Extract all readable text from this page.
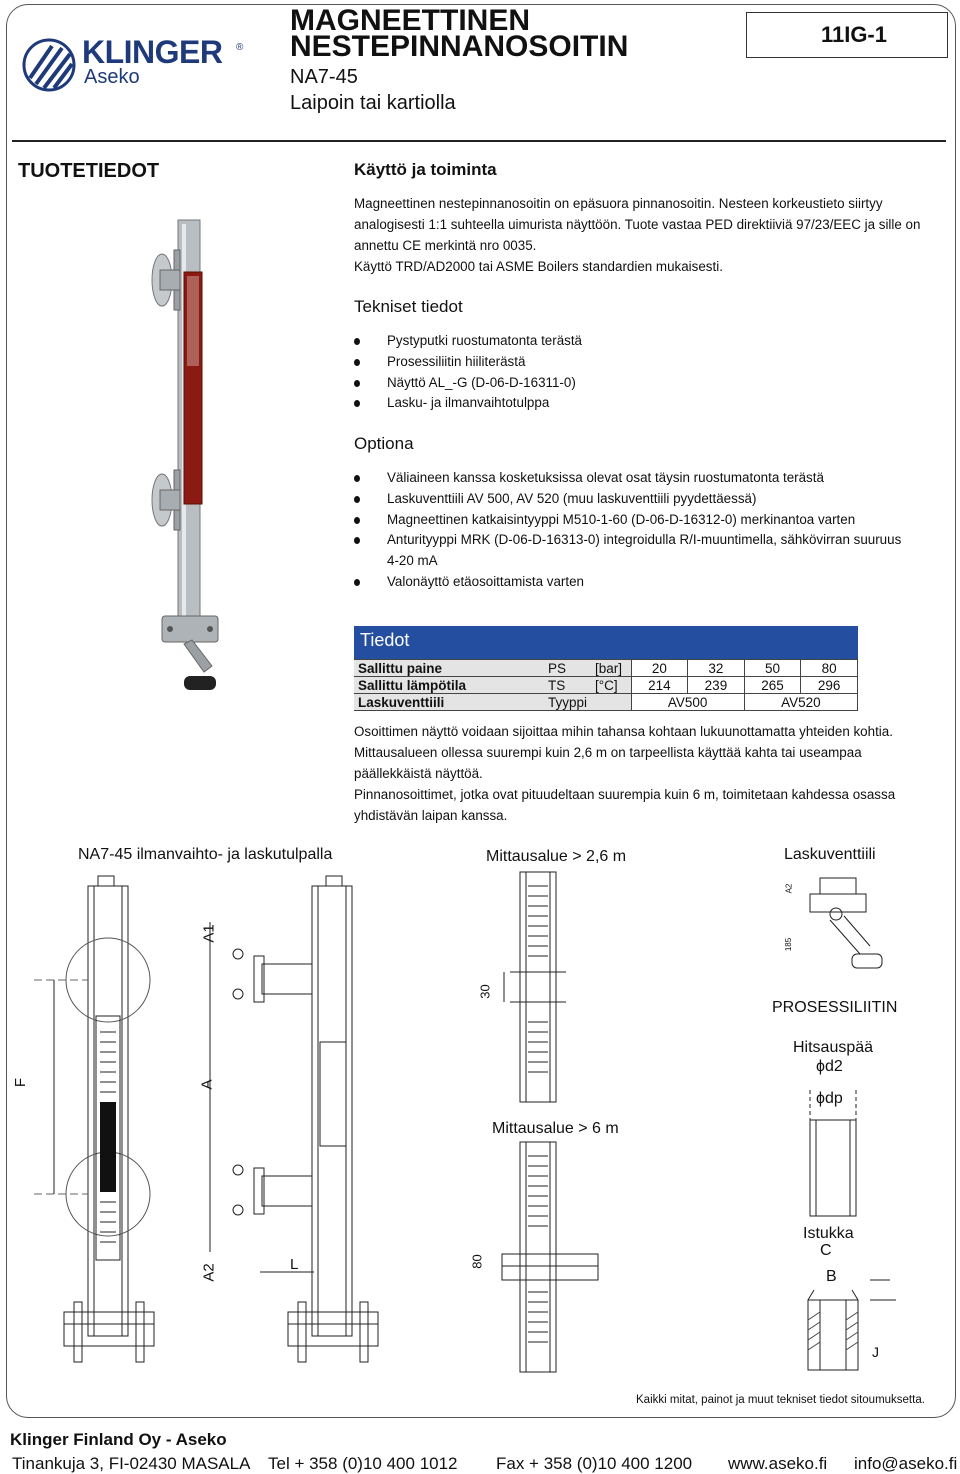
KLINGER ®
Aseko
MAGNEETTINEN
NESTEPINNANOSOITIN
NA7-45
Laipoin tai kartiolla
11IG-1
TUOTETIEDOT	Käyttö ja toiminta
Magneettinen nestepinnanosoitin on epäsuora pinnanosoitin. Nesteen korkeustieto siirtyy analogisesti 1:1 suhteella uimurista näyttöön. Tuote vastaa PED direktiiviä 97/23/EEC ja sille on annettu CE merkintä nro 0035.
Käyttö TRD/AD2000 tai ASME Boilers standardien mukaisesti.
Tekniset tiedot
Pystyputki ruostumatonta terästä
Prosessiliitin hiiliterästä
Näyttö AL_-G (D-06-D-16311-0)
Lasku- ja ilmanvaihtotulppa
Optiona
Väliaineen kanssa kosketuksissa olevat osat täysin ruostumatonta terästä
Laskuventtiili AV 500, AV 520 (muu laskuventtiili pyydettäessä)
Magneettinen katkaisintyyppi M510-1-60 (D-06-D-16312-0) merkinantoa varten
Anturityyppi MRK (D-06-D-16313-0) integroidulla R/I-muuntimella, sähkövirran suuruus 4-20 mA
Valonäyttö etäosoittamista varten
Tiedot
Sallittu paine	PS	[bar]	20	32	50	80
Sallittu lämpötila	TS	[°C]	214	239	265	296
Laskuventtiili	Tyyppi		AV500		AV520	
Osoittimen näyttö voidaan sijoittaa mihin tahansa kohtaan lukuunottamatta yhteiden kohtia.
Mittausalueen ollessa suurempi kuin 2,6 m on tarpeellista käyttää kahta tai useampaa päällekkäistä näyttöä.
Pinnanosoittimet, jotka ovat pituudeltaan suurempia kuin 6 m, toimitetaan kahdessa osassa yhdistävän laipan kanssa.
NA7-45 ilmanvaihto- ja laskutulpalla	Mittausalue > 2,6 m
Mittausalue > 6 m
Laskuventtiili
PROSESSILIITIN
Hitsauspää
Istukka
F
A1
A
A2	L
30
80
A2
185
ϕd2
ϕdp
C
B
J
Kaikki mitat, painot ja muut tekniset tiedot sitoumuksetta.
Klinger Finland Oy - Aseko
Tinankuja 3, FI-02430 MASALA Tel + 358 (0)10 400 1012 Fax + 358 (0)10 400 1200 www.aseko.fi info@aseko.fi
